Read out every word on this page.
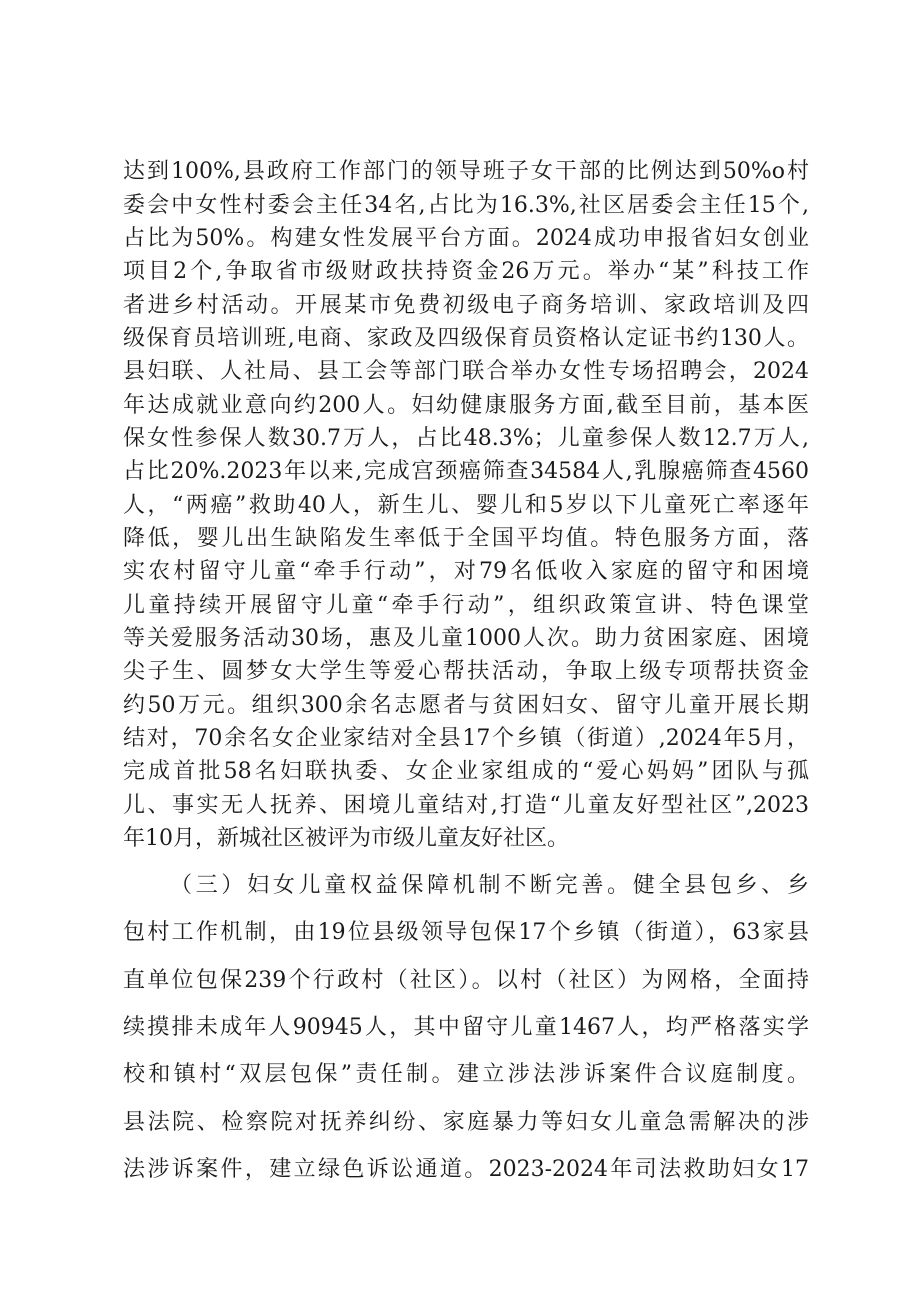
达到100%,县政府工作部门的领导班子女干部的比例达到50%o村
委会中女性村委会主任34名,占比为16.3%,社区居委会主任15个,
占比为50%。构建女性发展平台方面。2024成功申报省妇女创业
项目2个,争取省市级财政扶持资金26万元。举办“某”科技工作
者进乡村活动。开展某市免费初级电子商务培训、家政培训及四
级保育员培训班,电商、家政及四级保育员资格认定证书约130人。
县妇联、人社局、县工会等部门联合举办女性专场招聘会，2024
年达成就业意向约200人。妇幼健康服务方面,截至目前，基本医
保女性参保人数30.7万人，占比48.3%；儿童参保人数12.7万人,
占比20%.2023年以来,完成宫颈癌筛查34584人,乳腺癌筛查4560
人，“两癌”救助40人，新生儿、婴儿和5岁以下儿童死亡率逐年
降低，婴儿出生缺陷发生率低于全国平均值。特色服务方面，落
实农村留守儿童“牵手行动”，对79名低收入家庭的留守和困境
儿童持续开展留守儿童“牵手行动”，组织政策宣讲、特色课堂
等关爱服务活动30场，惠及儿童1000人次。助力贫困家庭、困境
尖子生、圆梦女大学生等爱心帮扶活动，争取上级专项帮扶资金
约50万元。组织300余名志愿者与贫困妇女、留守儿童开展长期
结对，70余名女企业家结对全县17个乡镇（街道）,2024年5月，
完成首批58名妇联执委、女企业家组成的“爱心妈妈”团队与孤
儿、事实无人抚养、困境儿童结对,打造“儿童友好型社区”,2023
年10月，新城社区被评为市级儿童友好社区。
（三）妇女儿童权益保障机制不断完善。健全县包乡、乡
包村工作机制，由19位县级领导包保17个乡镇（街道），63家县
直单位包保239个行政村（社区）。以村（社区）为网格，全面持
续摸排未成年人90945人，其中留守儿童1467人，均严格落实学
校和镇村“双层包保”责任制。建立涉法涉诉案件合议庭制度。
县法院、检察院对抚养纠纷、家庭暴力等妇女儿童急需解决的涉
法涉诉案件，建立绿色诉讼通道。2023-2024年司法救助妇女17
